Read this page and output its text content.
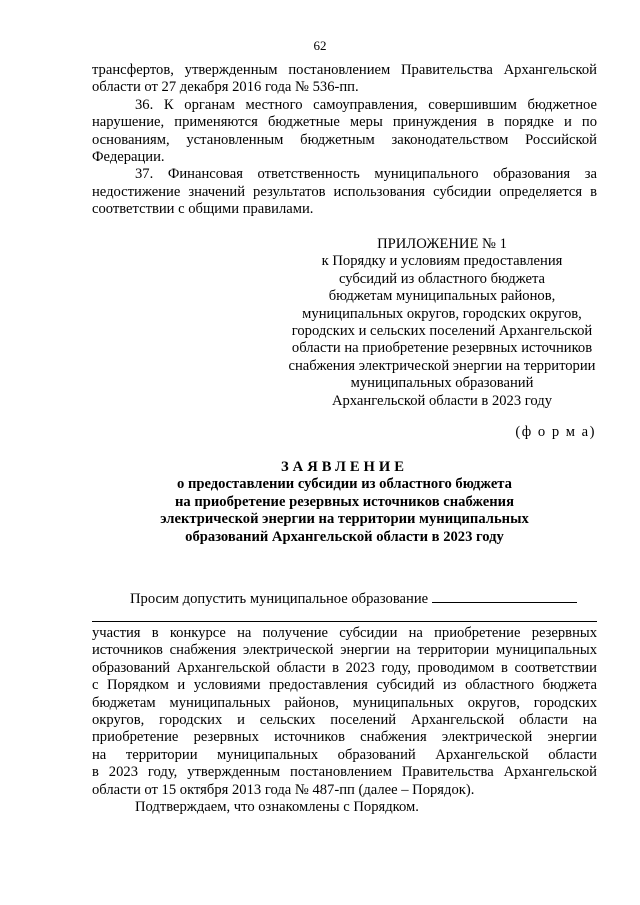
62

трансфертов, утвержденным постановлением Правительства Архангельской области от 27 декабря 2016 года № 536-пп.

36. К органам местного самоуправления, совершившим бюджетное нарушение, применяются бюджетные меры принуждения в порядке и по основаниям, установленным бюджетным законодательством Российской Федерации.

37. Финансовая ответственность муниципального образования за недостижение значений результатов использования субсидии определяется в соответствии с общими правилами.

ПРИЛОЖЕНИЕ № 1
к Порядку и условиям предоставления
субсидий из областного бюджета
бюджетам муниципальных районов,
муниципальных округов, городских округов,
городских и сельских поселений Архангельской
области на приобретение резервных источников
снабжения электрической энергии на территории
муниципальных образований
Архангельской области в 2023 году
(ф о р м а)
ЗАЯВЛЕНИЕ
о предоставлении субсидии из областного бюджета
на приобретение резервных источников снабжения
электрической энергии на территории муниципальных
образований Архангельской области в 2023 году
Просим допустить муниципальное образование

участия в конкурсе на получение субсидии на приобретение резервных

источников снабжения электрической энергии на территории муниципальных

образований Архангельской области в 2023 году, проводимом в соответствии

с Порядком и условиями предоставления субсидий из областного бюджета

бюджетам муниципальных районов, муниципальных округов, городских

округов, городских и сельских поселений Архангельской области на

приобретение резервных источников снабжения электрической энергии

на территории муниципальных образований Архангельской области

в 2023 году, утвержденным постановлением Правительства Архангельской

области от 15 октября 2013 года № 487-пп (далее – Порядок).

Подтверждаем, что ознакомлены с Порядком.
